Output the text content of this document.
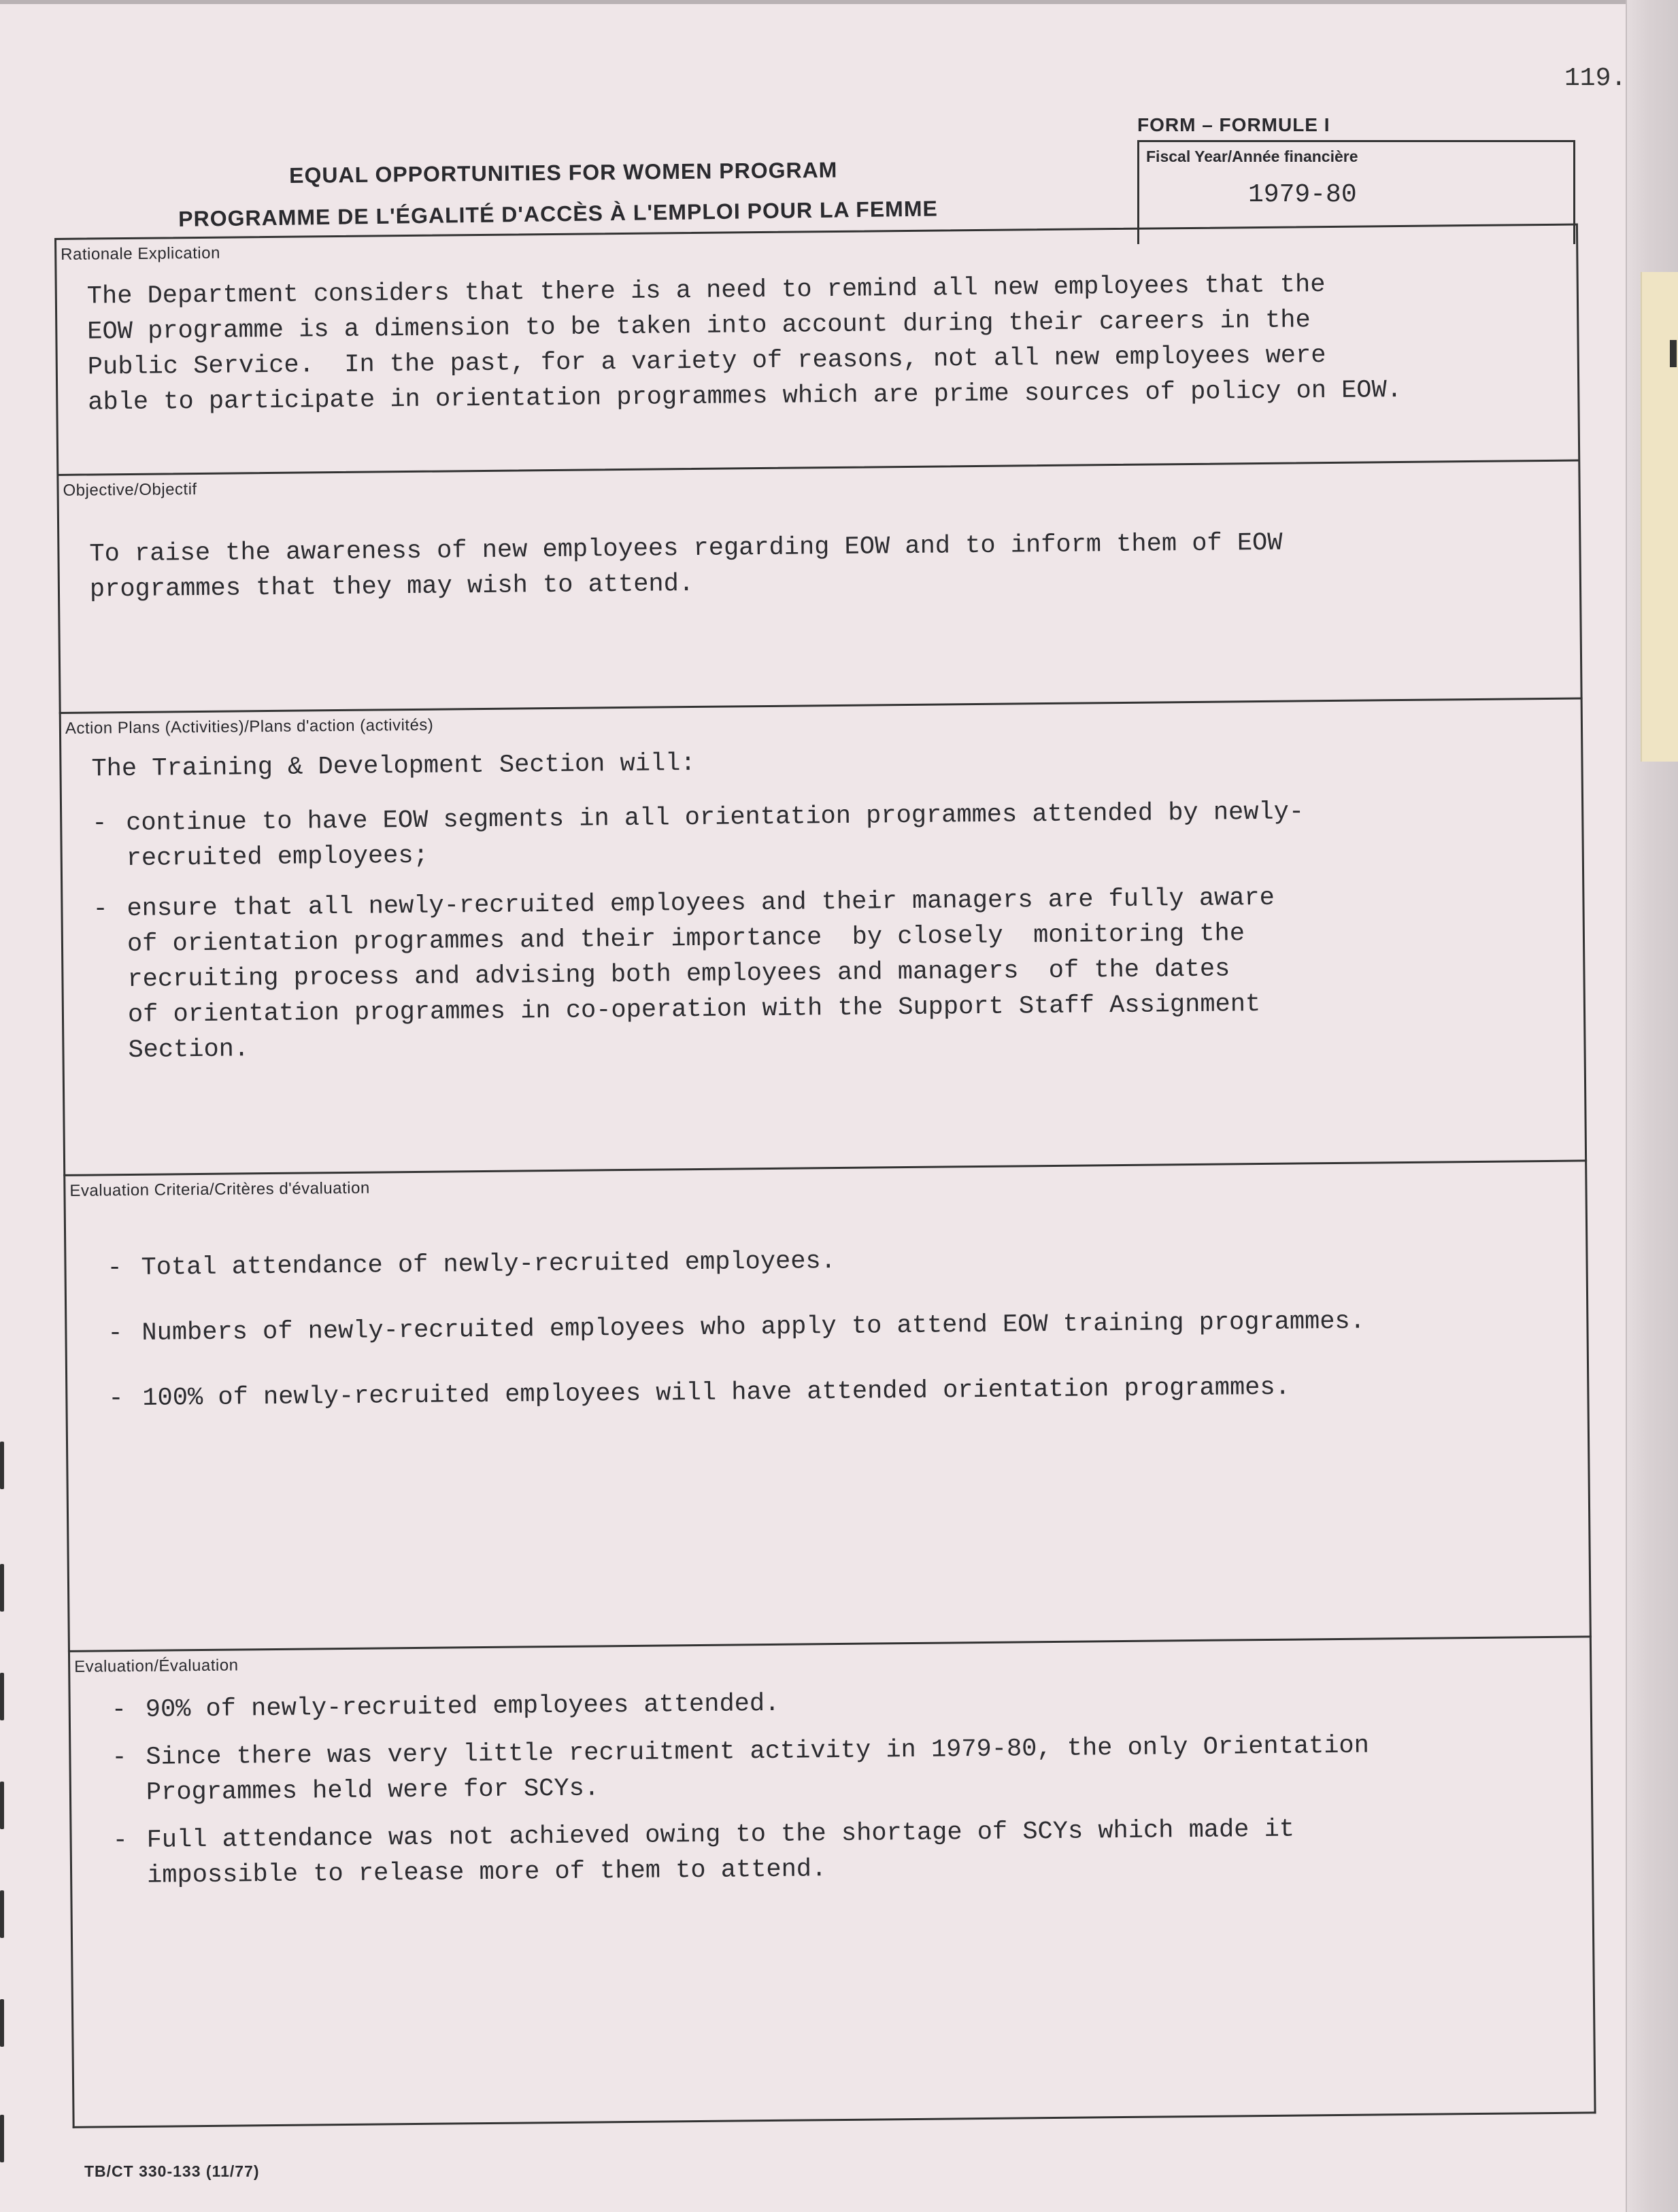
119.
FORM – FORMULE I
Fiscal Year/Année financière
1979-80
EQUAL OPPORTUNITIES FOR WOMEN PROGRAM
PROGRAMME DE L'ÉGALITÉ D'ACCÈS À L'EMPLOI POUR LA FEMME
Rationale Explication
The Department considers that there is a need to remind all new employees that the
EOW programme is a dimension to be taken into account during their careers in the
Public Service.  In the past, for a variety of reasons, not all new employees were
able to participate in orientation programmes which are prime sources of policy on EOW.
Objective/Objectif
To raise the awareness of new employees regarding EOW and to inform them of EOW
programmes that they may wish to attend.
Action Plans (Activities)/Plans d'action (activités)
The Training & Development Section will:
- continue to have EOW segments in all orientation programmes attended by newly-
recruited employees;
- ensure that all newly-recruited employees and their managers are fully aware
of orientation programmes and their importance  by closely  monitoring the
recruiting process and advising both employees and managers  of the dates
of orientation programmes in co-operation with the Support Staff Assignment
Section.
Evaluation Criteria/Critères d'évaluation
- Total attendance of newly-recruited employees.
- Numbers of newly-recruited employees who apply to attend EOW training programmes.
- 100% of newly-recruited employees will have attended orientation programmes.
Evaluation/Évaluation
- 90% of newly-recruited employees attended.
- Since there was very little recruitment activity in 1979-80, the only Orientation
Programmes held were for SCYs.
- Full attendance was not achieved owing to the shortage of SCYs which made it
impossible to release more of them to attend.
TB/CT 330-133 (11/77)
